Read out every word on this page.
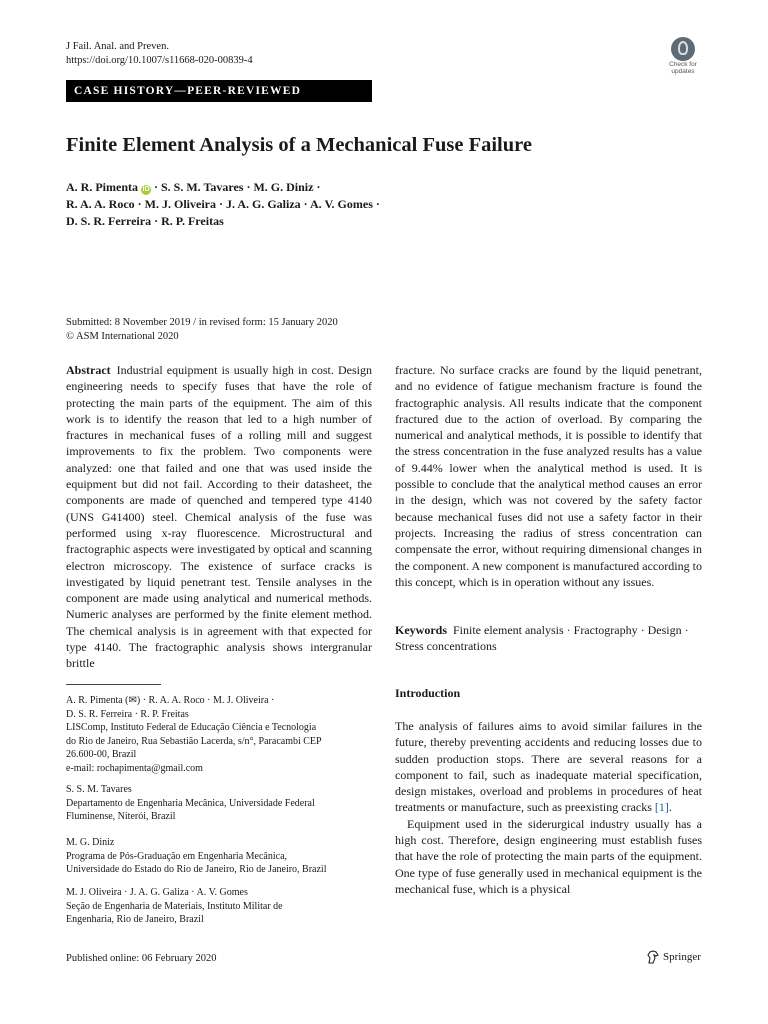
J Fail. Anal. and Preven.
https://doi.org/10.1007/s11668-020-00839-4	Check for updates
CASE HISTORY—PEER-REVIEWED
Finite Element Analysis of a Mechanical Fuse Failure
A. R. Pimenta iD · S. S. M. Tavares · M. G. Diniz ·
R. A. A. Roco · M. J. Oliveira · J. A. G. Galiza · A. V. Gomes ·
D. S. R. Ferreira · R. P. Freitas
Submitted: 8 November 2019 / in revised form: 15 January 2020
© ASM International 2020
Abstract Industrial equipment is usually high in cost. Design engineering needs to specify fuses that have the role of protecting the main parts of the equipment. The aim of this work is to identify the reason that led to a high number of fractures in mechanical fuses of a rolling mill and suggest improvements to fix the problem. Two components were analyzed: one that failed and one that was used inside the equipment but did not fail. According to their datasheet, the components are made of quenched and tempered type 4140 (UNS G41400) steel. Chemical analysis of the fuse was performed using x-ray fluorescence. Microstructural and fractographic aspects were investigated by optical and scanning electron microscopy. The existence of surface cracks is investigated by liquid penetrant test. Tensile analyses in the component are made using analytical and numerical methods. Numeric analyses are performed by the finite element method. The chemical analysis is in agreement with that expected for type 4140. The fractographic analysis shows intergranular brittle
fracture. No surface cracks are found by the liquid penetrant, and no evidence of fatigue mechanism fracture is found the fractographic analysis. All results indicate that the component fractured due to the action of overload. By comparing the numerical and analytical methods, it is possible to identify that the stress concentration in the fuse analyzed results has a value of 9.44% lower when the analytical method is used. It is possible to conclude that the analytical method causes an error in the design, which was not covered by the safety factor because mechanical fuses did not use a safety factor in their projects. Increasing the radius of stress concentration can compensate the error, without requiring dimensional changes in the component. A new component is manufactured according to this concept, which is in operation without any issues.
Keywords Finite element analysis · Fractography · Design · Stress concentrations
A. R. Pimenta (✉) · R. A. A. Roco · M. J. Oliveira ·
D. S. R. Ferreira · R. P. Freitas
LISComp, Instituto Federal de Educação Ciência e Tecnologia
do Rio de Janeiro, Rua Sebastião Lacerda, s/n°, Paracambi CEP
26.600-00, Brazil
e-mail: rochapimenta@gmail.com
S. S. M. Tavares
Departamento de Engenharia Mecânica, Universidade Federal
Fluminense, Niterói, Brazil
M. G. Diniz
Programa de Pós-Graduação em Engenharia Mecânica,
Universidade do Estado do Rio de Janeiro, Rio de Janeiro, Brazil
M. J. Oliveira · J. A. G. Galiza · A. V. Gomes
Seção de Engenharia de Materiais, Instituto Militar de
Engenharia, Rio de Janeiro, Brazil
Introduction

The analysis of failures aims to avoid similar failures in the future, thereby preventing accidents and reducing losses due to sudden production stops. There are several reasons for a component to fail, such as inadequate material specification, design mistakes, overload and problems in procedures of heat treatments or manufacture, such as preexisting cracks [1].

Equipment used in the siderurgical industry usually has a high cost. Therefore, design engineering must establish fuses that have the role of protecting the main parts of the equipment. One type of fuse generally used in mechanical equipment is the mechanical fuse, which is a physical

Published online: 06 February 2020	Springer
